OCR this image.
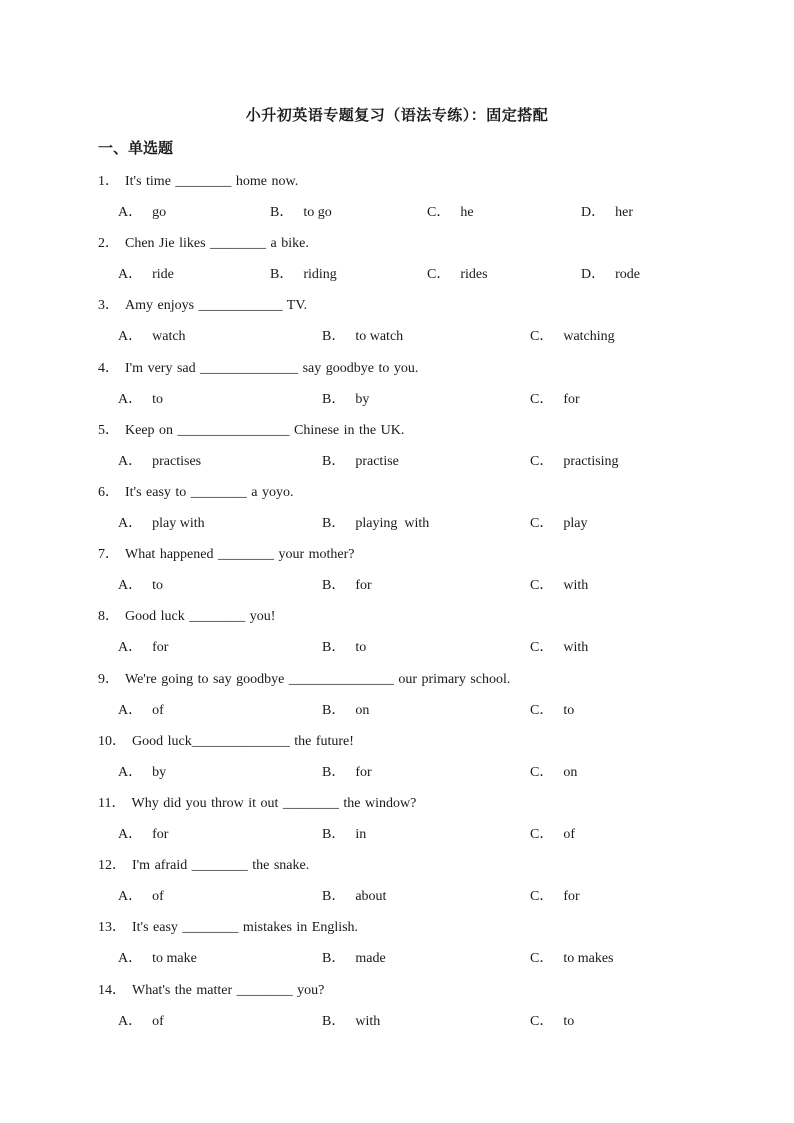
小升初英语专题复习（语法专练）：固定搭配
一、单选题
1． It's time ________ home now.
A． go	B． to go	C． he	D． her
2． Chen Jie likes ________ a bike.
A． ride	B． riding	C． rides	D． rode
3． Amy enjoys ____________ TV.
A． watch	B． to watch	C． watching
4． I'm very sad ______________ say goodbye to you.
A． to	B． by	C． for
5． Keep on ________________ Chinese in the UK.
A． practises	B． practise	C． practising
6． It's easy to ________ a yoyo.
A． play with	B． playing  with	C． play
7． What happened ________ your mother?
A． to	B． for	C． with
8． Good luck ________ you!
A． for	B． to	C． with
9． We're going to say goodbye _______________ our primary school.
A． of	B． on	C． to
10． Good luck______________ the future!
A． by	B． for	C． on
11． Why did you throw it out ________ the window?
A． for	B． in	C． of
12． I'm afraid ________ the snake.
A． of	B． about	C． for
13． It's easy ________ mistakes in English.
A． to make	B． made	C． to makes
14． What's the matter ________ you?
A． of	B． with	C． to
